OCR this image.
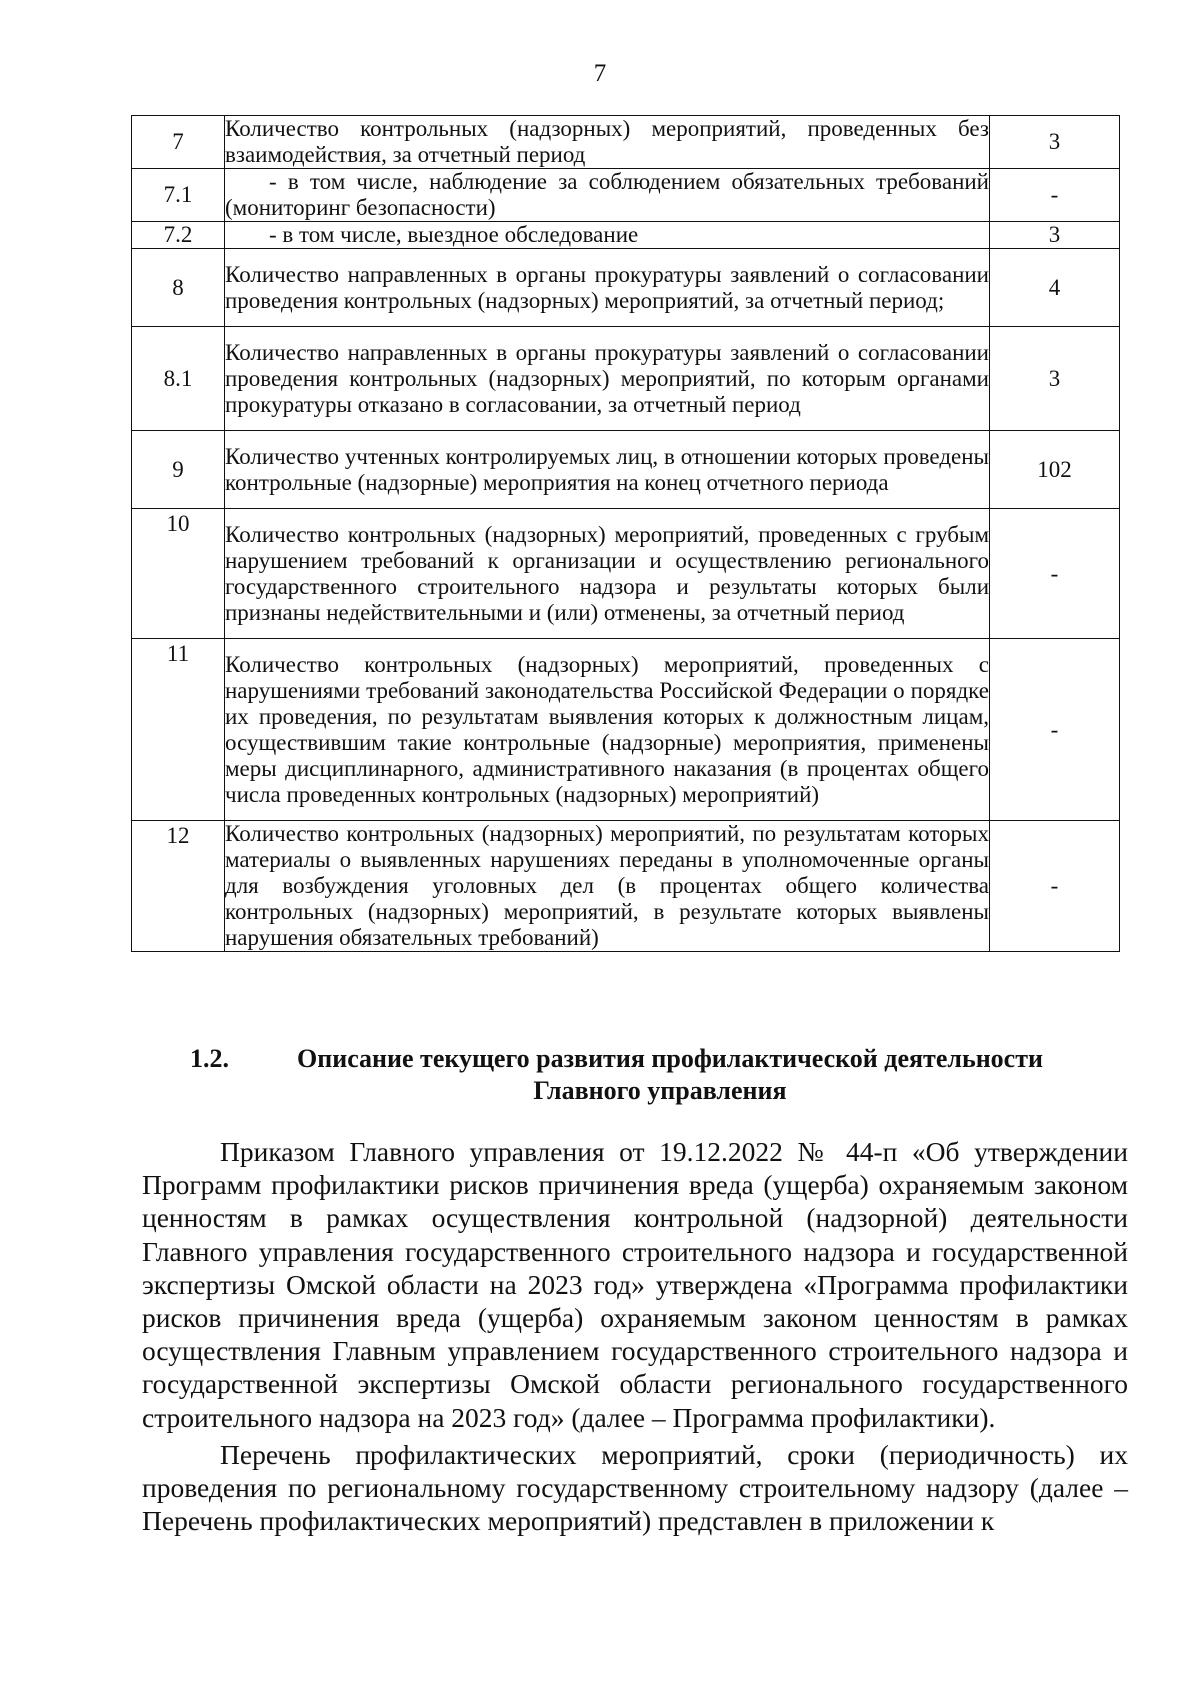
7
7	Количество контрольных (надзорных) мероприятий, проведенных без взаимодействия, за отчетный период	3
7.1	- в том числе, наблюдение за соблюдением обязательных требований (мониторинг безопасности)	-
7.2	- в том числе, выездное обследование	3
8	Количество направленных в органы прокуратуры заявлений о согласовании проведения контрольных (надзорных) мероприятий, за отчетный период;	4
8.1	Количество направленных в органы прокуратуры заявлений о согласовании проведения контрольных (надзорных) мероприятий, по которым органами прокуратуры отказано в согласовании, за отчетный период	3
9	Количество учтенных контролируемых лиц, в отношении которых проведены контрольные (надзорные) мероприятия на конец отчетного периода	102
10	Количество контрольных (надзорных) мероприятий, проведенных с грубым нарушением требований к организации и осуществлению регионального государственного строительного надзора и результаты которых были признаны недействительными и (или) отменены, за отчетный период	-
11	Количество контрольных (надзорных) мероприятий, проведенных с нарушениями требований законодательства Российской Федерации о порядке их проведения, по результатам выявления которых к должностным лицам, осуществившим такие контрольные (надзорные) мероприятия, применены меры дисциплинарного, административного наказания (в процентах общего числа проведенных контрольных (надзорных) мероприятий)	-
12	Количество контрольных (надзорных) мероприятий, по результатам которых материалы о выявленных нарушениях переданы в уполномоченные органы для возбуждения уголовных дел (в процентах общего количества контрольных (надзорных) мероприятий, в результате которых выявлены нарушения обязательных требований)	-
1.2.	Описание текущего развития профилактической деятельности
Главного управления

Приказом Главного управления от 19.12.2022 № 44-п «Об утверждении Программ профилактики рисков причинения вреда (ущерба) охраняемым законом ценностям в рамках осуществления контрольной (надзорной) деятельности Главного управления государственного строительного надзора и государственной экспертизы Омской области на 2023 год» утверждена «Программа профилактики рисков причинения вреда (ущерба) охраняемым законом ценностям в рамках осуществления Главным управлением государственного строительного надзора и государственной экспертизы Омской области регионального государственного строительного надзора на 2023 год» (далее – Программа профилактики).

Перечень профилактических мероприятий, сроки (периодичность) их проведения по региональному государственному строительному надзору (далее – Перечень профилактических мероприятий) представлен в приложении к
